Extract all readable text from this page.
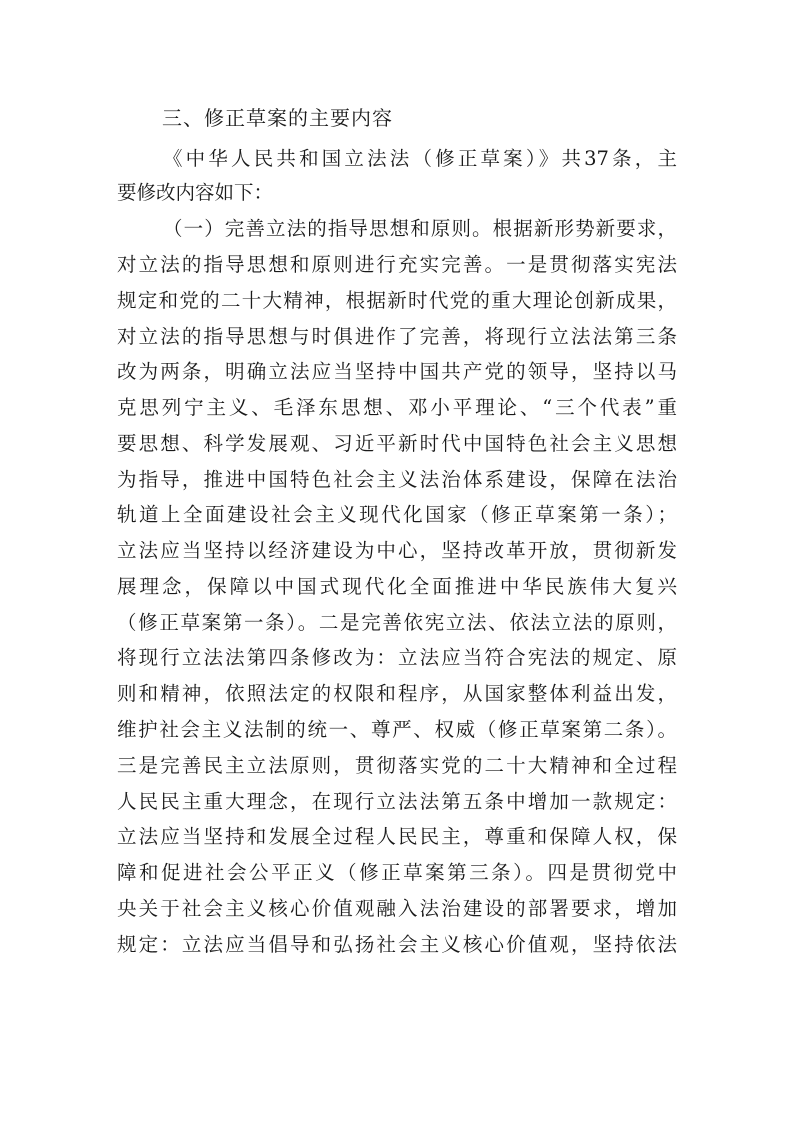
三、修正草案的主要内容
《中华人民共和国立法法（修正草案）》共37条，主
要修改内容如下：
（一）完善立法的指导思想和原则。根据新形势新要求，
对立法的指导思想和原则进行充实完善。一是贯彻落实宪法
规定和党的二十大精神，根据新时代党的重大理论创新成果，
对立法的指导思想与时俱进作了完善，将现行立法法第三条
改为两条，明确立法应当坚持中国共产党的领导，坚持以马
克思列宁主义、毛泽东思想、邓小平理论、“三个代表”重
要思想、科学发展观、习近平新时代中国特色社会主义思想
为指导，推进中国特色社会主义法治体系建设，保障在法治
轨道上全面建设社会主义现代化国家（修正草案第一条）；
立法应当坚持以经济建设为中心，坚持改革开放，贯彻新发
展理念，保障以中国式现代化全面推进中华民族伟大复兴
（修正草案第一条）。二是完善依宪立法、依法立法的原则，
将现行立法法第四条修改为：立法应当符合宪法的规定、原
则和精神，依照法定的权限和程序，从国家整体利益出发，
维护社会主义法制的统一、尊严、权威（修正草案第二条）。
三是完善民主立法原则，贯彻落实党的二十大精神和全过程
人民民主重大理念，在现行立法法第五条中增加一款规定：
立法应当坚持和发展全过程人民民主，尊重和保障人权，保
障和促进社会公平正义（修正草案第三条）。四是贯彻党中
央关于社会主义核心价值观融入法治建设的部署要求，增加
规定：立法应当倡导和弘扬社会主义核心价值观，坚持依法
